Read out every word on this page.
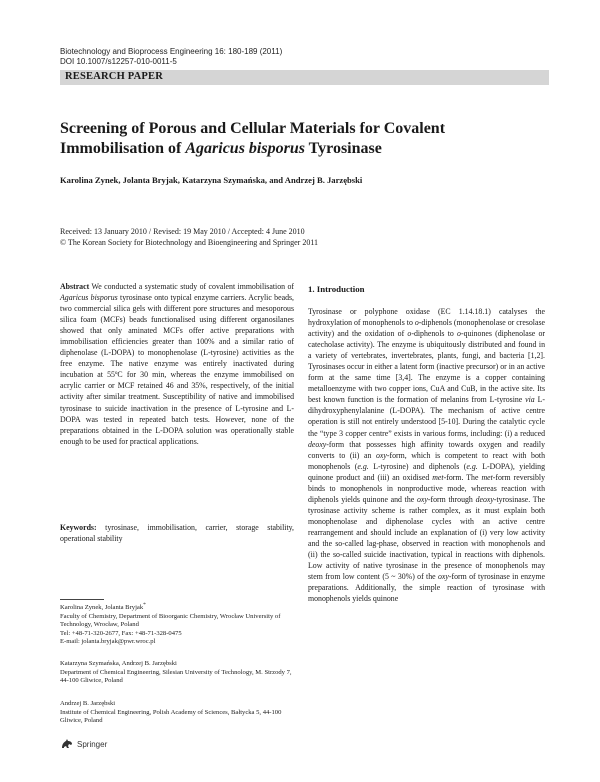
Biotechnology and Bioprocess Engineering 16: 180-189 (2011)
DOI 10.1007/s12257-010-0011-5
RESEARCH PAPER
Screening of Porous and Cellular Materials for Covalent
Immobilisation of Agaricus bisporus Tyrosinase
Karolina Zynek, Jolanta Bryjak, Katarzyna Szymańska, and Andrzej B. Jarzębski
Received: 13 January 2010 / Revised: 19 May 2010 / Accepted: 4 June 2010
© The Korean Society for Biotechnology and Bioengineering and Springer 2011

Abstract We conducted a systematic study of covalent immobilisation of Agaricus bisporus tyrosinase onto typical enzyme carriers. Acrylic beads, two commercial silica gels with different pore structures and mesoporous silica foam (MCFs) beads functionalised using different organosilanes showed that only aminated MCFs offer active preparations with immobilisation efficiencies greater than 100% and a similar ratio of diphenolase (L-DOPA) to monophenolase (L-tyrosine) activities as the free enzyme. The native enzyme was entirely inactivated during incubation at 55ºC for 30 min, whereas the enzyme immobilised on acrylic carrier or MCF retained 46 and 35%, respectively, of the initial activity after similar treatment. Susceptibility of native and immobilised tyrosinase to suicide inactivation in the presence of L-tyrosine and L-DOPA was tested in repeated batch tests. However, none of the preparations obtained in the L-DOPA solution was operationally stable enough to be used for practical applications.

Keywords: tyrosinase, immobilisation, carrier, storage stability, operational stability

1. Introduction

Tyrosinase or polyphone oxidase (EC 1.14.18.1) catalyses the hydroxylation of monophenols to o-diphenols (monophenolase or cresolase activity) and the oxidation of o-diphenols to o-quinones (diphenolase or catecholase activity). The enzyme is ubiquitously distributed and found in a variety of vertebrates, invertebrates, plants, fungi, and bacteria [1,2]. Tyrosinases occur in either a latent form (inactive precursor) or in an active form at the same time [3,4]. The enzyme is a copper containing metalloenzyme with two copper ions, CuA and CuB, in the active site. Its best known function is the formation of melanins from L-tyrosine via L-dihydroxyphenylalanine (L-DOPA). The mechanism of active centre operation is still not entirely understood [5-10]. During the catalytic cycle the “type 3 copper centre” exists in various forms, including: (i) a reduced deoxy-form that possesses high affinity towards oxygen and readily converts to (ii) an oxy-form, which is competent to react with both monophenols (e.g. L-tyrosine) and diphenols (e.g. L-DOPA), yielding quinone product and (iii) an oxidised met-form. The met-form reversibly binds to monophenols in nonproductive mode, whereas reaction with diphenols yields quinone and the oxy-form through deoxy-tyrosinase. The tyrosinase activity scheme is rather complex, as it must explain both monophenolase and diphenolase cycles with an active centre rearrangement and should include an explanation of (i) very low activity and the so-called lag-phase, observed in reaction with monophenols and (ii) the so-called suicide inactivation, typical in reactions with diphenols. Low activity of native tyrosinase in the presence of monophenols may stem from low content (5 ~ 30%) of the oxy-form of tyrosinase in enzyme preparations. Additionally, the simple reaction of tyrosinase with monophenols yields quinone

Karolina Zynek, Jolanta Bryjak*
Faculty of Chemistry, Department of Bioorganic Chemistry, Wrocław University of Technology, Wrocław, Poland
Tel: +48-71-320-2677, Fax: +48-71-328-0475
E-mail: jolanta.bryjak@pwr.wroc.pl
Katarzyna Szymańska, Andrzej B. Jarzębski
Department of Chemical Engineering, Silesian University of Technology, M. Strzody 7, 44-100 Gliwice, Poland
Andrzej B. Jarzębski
Institute of Chemical Engineering, Polish Academy of Sciences, Bałtycka 5, 44-100 Gliwice, Poland
Springer
